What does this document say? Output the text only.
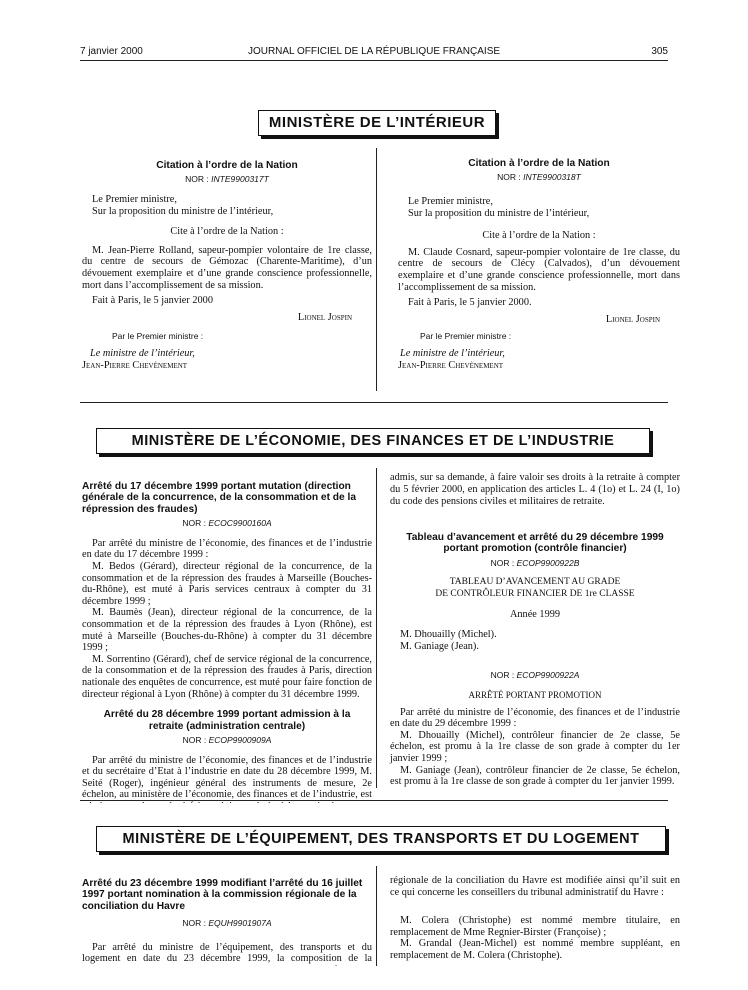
7 janvier 2000	JOURNAL OFFICIEL DE LA RÉPUBLIQUE FRANÇAISE	305
MINISTÈRE DE L’INTÉRIEUR
Citation à l’ordre de la Nation
NOR : INTE9900317T

Le Premier ministre,

Sur la proposition du ministre de l’intérieur,

Cite à l’ordre de la Nation :

M. Jean-Pierre Rolland, sapeur-pompier volontaire de 1re classe, du centre de secours de Gémozac (Charente-Maritime), d’un dévouement exemplaire et d’une grande conscience professionnelle, mort dans l’accomplissement de sa mission.

Fait à Paris, le 5 janvier 2000

Lionel Jospin
Par le Premier ministre :
Le ministre de l’intérieur,
Jean-Pierre Chevènement
Citation à l’ordre de la Nation
NOR : INTE9900318T

Le Premier ministre,

Sur la proposition du ministre de l’intérieur,

Cite à l’ordre de la Nation :

M. Claude Cosnard, sapeur-pompier volontaire de 1re classe, du centre de secours de Clécy (Calvados), d’un dévouement exemplaire et d’une grande conscience professionnelle, mort dans l’accomplissement de sa mission.

Fait à Paris, le 5 janvier 2000.

Lionel Jospin
Par le Premier ministre :
Le ministre de l’intérieur,
Jean-Pierre Chevènement
MINISTÈRE DE L’ÉCONOMIE, DES FINANCES ET DE L’INDUSTRIE
Arrêté du 17 décembre 1999 portant mutation (direction générale de la concurrence, de la consommation et de la répression des fraudes)
NOR : ECOC9900160A

Par arrêté du ministre de l’économie, des finances et de l’industrie en date du 17 décembre 1999 :

M. Bedos (Gérard), directeur régional de la concurrence, de la consommation et de la répression des fraudes à Marseille (Bouches-du-Rhône), est muté à Paris services centraux à compter du 31 décembre 1999 ;

M. Baumès (Jean), directeur régional de la concurrence, de la consommation et de la répression des fraudes à Lyon (Rhône), est muté à Marseille (Bouches-du-Rhône) à compter du 31 décembre 1999 ;

M. Sorrentino (Gérard), chef de service régional de la concurrence, de la consommation et de la répression des fraudes à Paris, direction nationale des enquêtes de concurrence, est muté pour faire fonction de directeur régional à Lyon (Rhône) à compter du 31 décembre 1999.

Arrêté du 28 décembre 1999 portant admission à la retraite (administration centrale)
NOR : ECOP9900909A

Par arrêté du ministre de l’économie, des finances et de l’industrie et du secrétaire d’Etat à l’industrie en date du 28 décembre 1999, M. Seité (Roger), ingénieur général des instruments de mesure, 2e échelon, au ministère de l’économie, des finances et de l’industrie, est

admis, sur sa demande, à faire valoir ses droits à la retraite à compter du 5 février 2000, en application des articles L. 4 (1o) et L. 24 (I, 1o) du code des pensions civiles et militaires de retraite.

Tableau d’avancement et arrêté du 29 décembre 1999 portant promotion (contrôle financier)
NOR : ECOP9900922B
TABLEAU D’AVANCEMENT AU GRADE
DE CONTRÔLEUR FINANCIER DE 1re CLASSE
Année 1999

M. Dhouailly (Michel).

M. Ganiage (Jean).

NOR : ECOP9900922A
ARRÊTÉ PORTANT PROMOTION

Par arrêté du ministre de l’économie, des finances et de l’industrie en date du 29 décembre 1999 :

M. Dhouailly (Michel), contrôleur financier de 2e classe, 5e échelon, est promu à la 1re classe de son grade à compter du 1er janvier 1999 ;

M. Ganiage (Jean), contrôleur financier de 2e classe, 5e échelon, est promu à la 1re classe de son grade à compter du 1er janvier 1999.

MINISTÈRE DE L’ÉQUIPEMENT, DES TRANSPORTS ET DU LOGEMENT
Arrêté du 23 décembre 1999 modifiant l’arrêté du 16 juillet 1997 portant nomination à la commission régionale de la conciliation du Havre
NOR : EQUH9901907A

Par arrêté du ministre de l’équipement, des transports et du logement en date du 23 décembre 1999, la composition de la

régionale de la conciliation du Havre est modifiée ainsi qu’il suit en ce qui concerne les conseillers du tribunal administratif du Havre :

M. Colera (Christophe) est nommé membre titulaire, en remplacement de Mme Regnier-Birster (Françoise) ;

M. Grandal (Jean-Michel) est nommé membre suppléant, en remplacement de M. Colera (Christophe).
